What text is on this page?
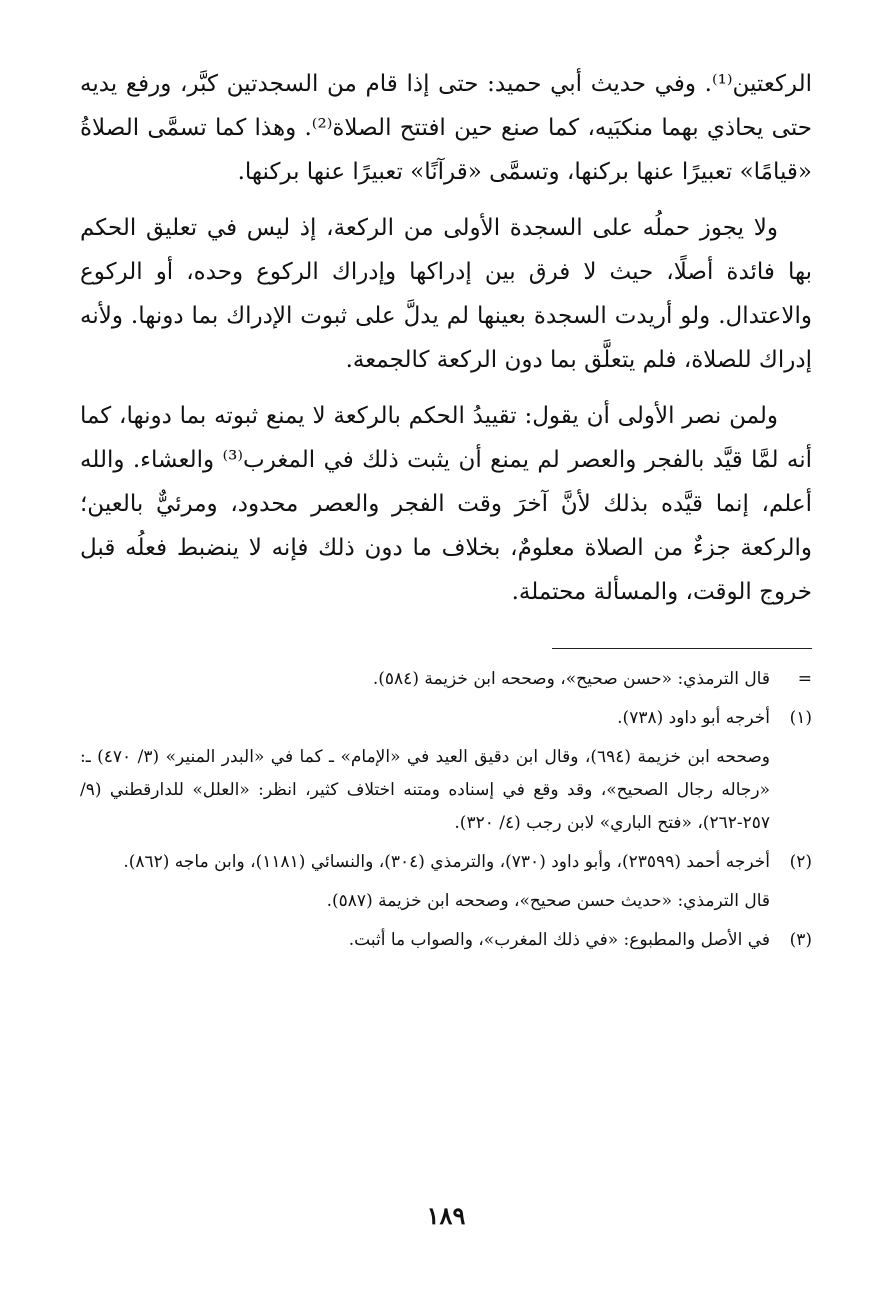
الركعتين⁽¹⁾. وفي حديث أبي حميد: حتى إذا قام من السجدتين كبَّر، ورفع يديه حتى يحاذي بهما منكبَيه، كما صنع حين افتتح الصلاة⁽²⁾. وهذا كما تسمَّى الصلاةُ «قيامًا» تعبيرًا عنها بركنها، وتسمَّى «قرآنًا» تعبيرًا عنها بركنها.

ولا يجوز حملُه على السجدة الأولى من الركعة، إذ ليس في تعليق الحكم بها فائدة أصلًا، حيث لا فرق بين إدراكها وإدراك الركوع وحده، أو الركوع والاعتدال. ولو أريدت السجدة بعينها لم يدلَّ على ثبوت الإدراك بما دونها. ولأنه إدراك للصلاة، فلم يتعلَّق بما دون الركعة كالجمعة.

ولمن نصر الأولى أن يقول: تقييدُ الحكم بالركعة لا يمنع ثبوته بما دونها، كما أنه لمَّا قيَّد بالفجر والعصر لم يمنع أن يثبت ذلك في المغرب⁽³⁾ والعشاء. والله أعلم، إنما قيَّده بذلك لأنَّ آخرَ وقت الفجر والعصر محدود، ومرئيٌّ بالعين؛ والركعة جزءٌ من الصلاة معلومٌ، بخلاف ما دون ذلك فإنه لا ينضبط فعلُه قبل خروج الوقت، والمسألة محتملة.

=

قال الترمذي: «حسن صحيح»، وصححه ابن خزيمة (٥٨٤).

(١)

أخرجه أبو داود (٧٣٨).

وصححه ابن خزيمة (٦٩٤)، وقال ابن دقيق العيد في «الإمام» ـ كما في «البدر المنير» (٣/ ٤٧٠) ـ: «رجاله رجال الصحيح»، وقد وقع في إسناده ومتنه اختلاف كثير، انظر: «العلل» للدارقطني (٩/ ٢٥٧-٢٦٢)، «فتح الباري» لابن رجب (٤/ ٣٢٠).

(٢)

أخرجه أحمد (٢٣٥٩٩)، وأبو داود (٧٣٠)، والترمذي (٣٠٤)، والنسائي (١١٨١)، وابن ماجه (٨٦٢).

قال الترمذي: «حديث حسن صحيح»، وصححه ابن خزيمة (٥٨٧).

(٣)

في الأصل والمطبوع: «في ذلك المغرب»، والصواب ما أثبت.

١٨٩
